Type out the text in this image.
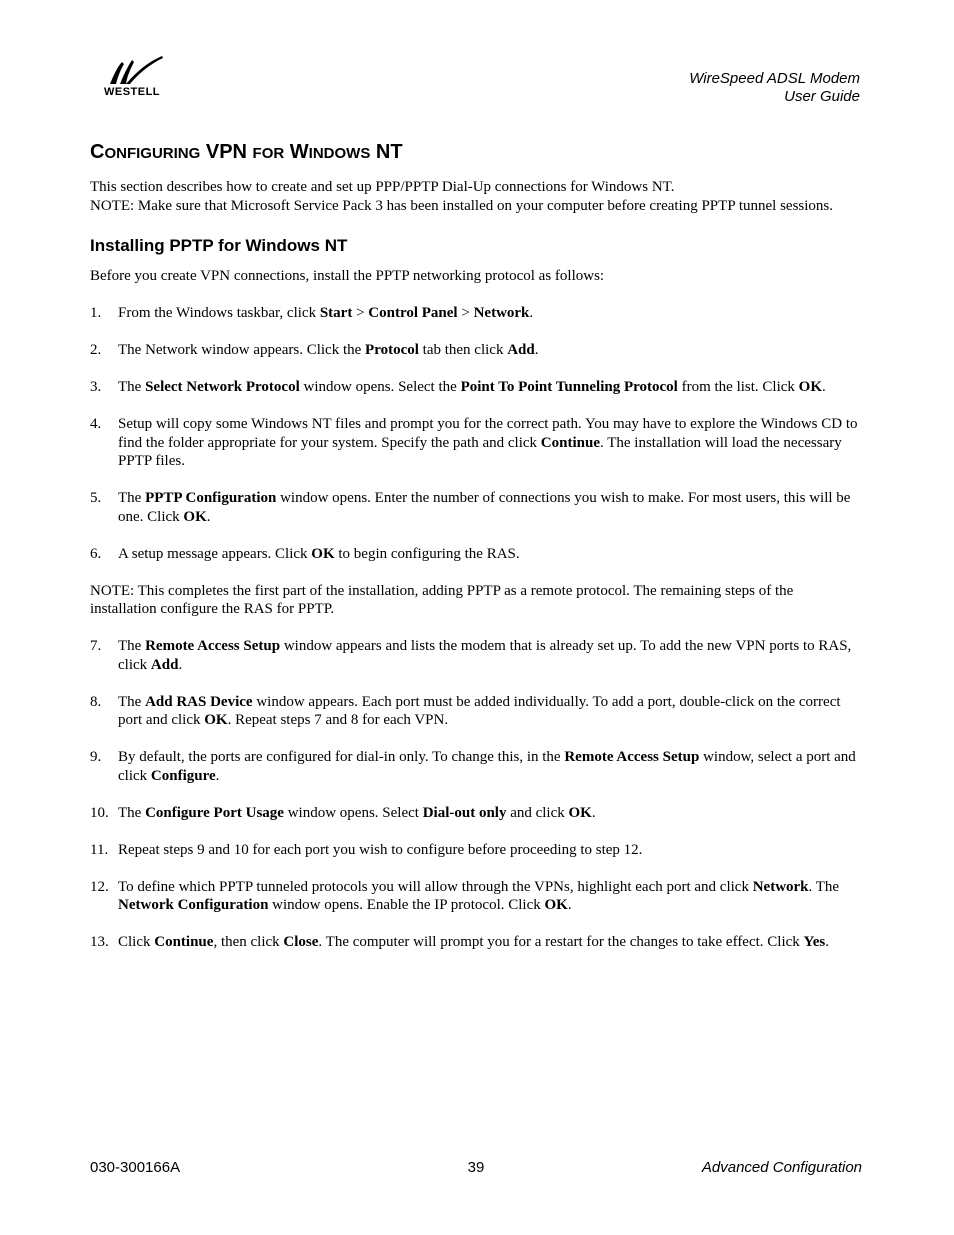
WESTELL
WireSpeed ADSL Modem
User Guide
CONFIGURING VPN FOR WINDOWS NT

This section describes how to create and set up PPP/PPTP Dial-Up connections for Windows NT.

NOTE: Make sure that Microsoft Service Pack 3 has been installed on your computer before creating PPTP tunnel sessions.

Installing PPTP for Windows NT

Before you create VPN connections, install the PPTP networking protocol as follows:

1.	From the Windows taskbar, click Start > Control Panel > Network.
2.	The Network window appears. Click the Protocol tab then click Add.
3.	The Select Network Protocol window opens. Select the Point To Point Tunneling Protocol from the list. Click OK.
4.	Setup will copy some Windows NT files and prompt you for the correct path. You may have to explore the Windows CD to find the folder appropriate for your system. Specify the path and click Continue. The installation will load the necessary PPTP files.
5.	The PPTP Configuration window opens. Enter the number of connections you wish to make. For most users, this will be one. Click OK.
6.	A setup message appears. Click OK to begin configuring the RAS.

NOTE: This completes the first part of the installation, adding PPTP as a remote protocol. The remaining steps of the installation configure the RAS for PPTP.

7.	The Remote Access Setup window appears and lists the modem that is already set up. To add the new VPN ports to RAS, click Add.
8.	The Add RAS Device window appears. Each port must be added individually. To add a port, double-click on the correct port and click OK. Repeat steps 7 and 8 for each VPN.
9.	By default, the ports are configured for dial-in only. To change this, in the Remote Access Setup window, select a port and click Configure.
10. The Configure Port Usage window opens. Select Dial-out only and click OK.
11. Repeat steps 9 and 10 for each port you wish to configure before proceeding to step 12.
12. To define which PPTP tunneled protocols you will allow through the VPNs, highlight each port and click Network. The Network Configuration window opens. Enable the IP protocol. Click OK.
13. Click Continue, then click Close. The computer will prompt you for a restart for the changes to take effect. Click Yes.
030-300166A	39	Advanced Configuration
